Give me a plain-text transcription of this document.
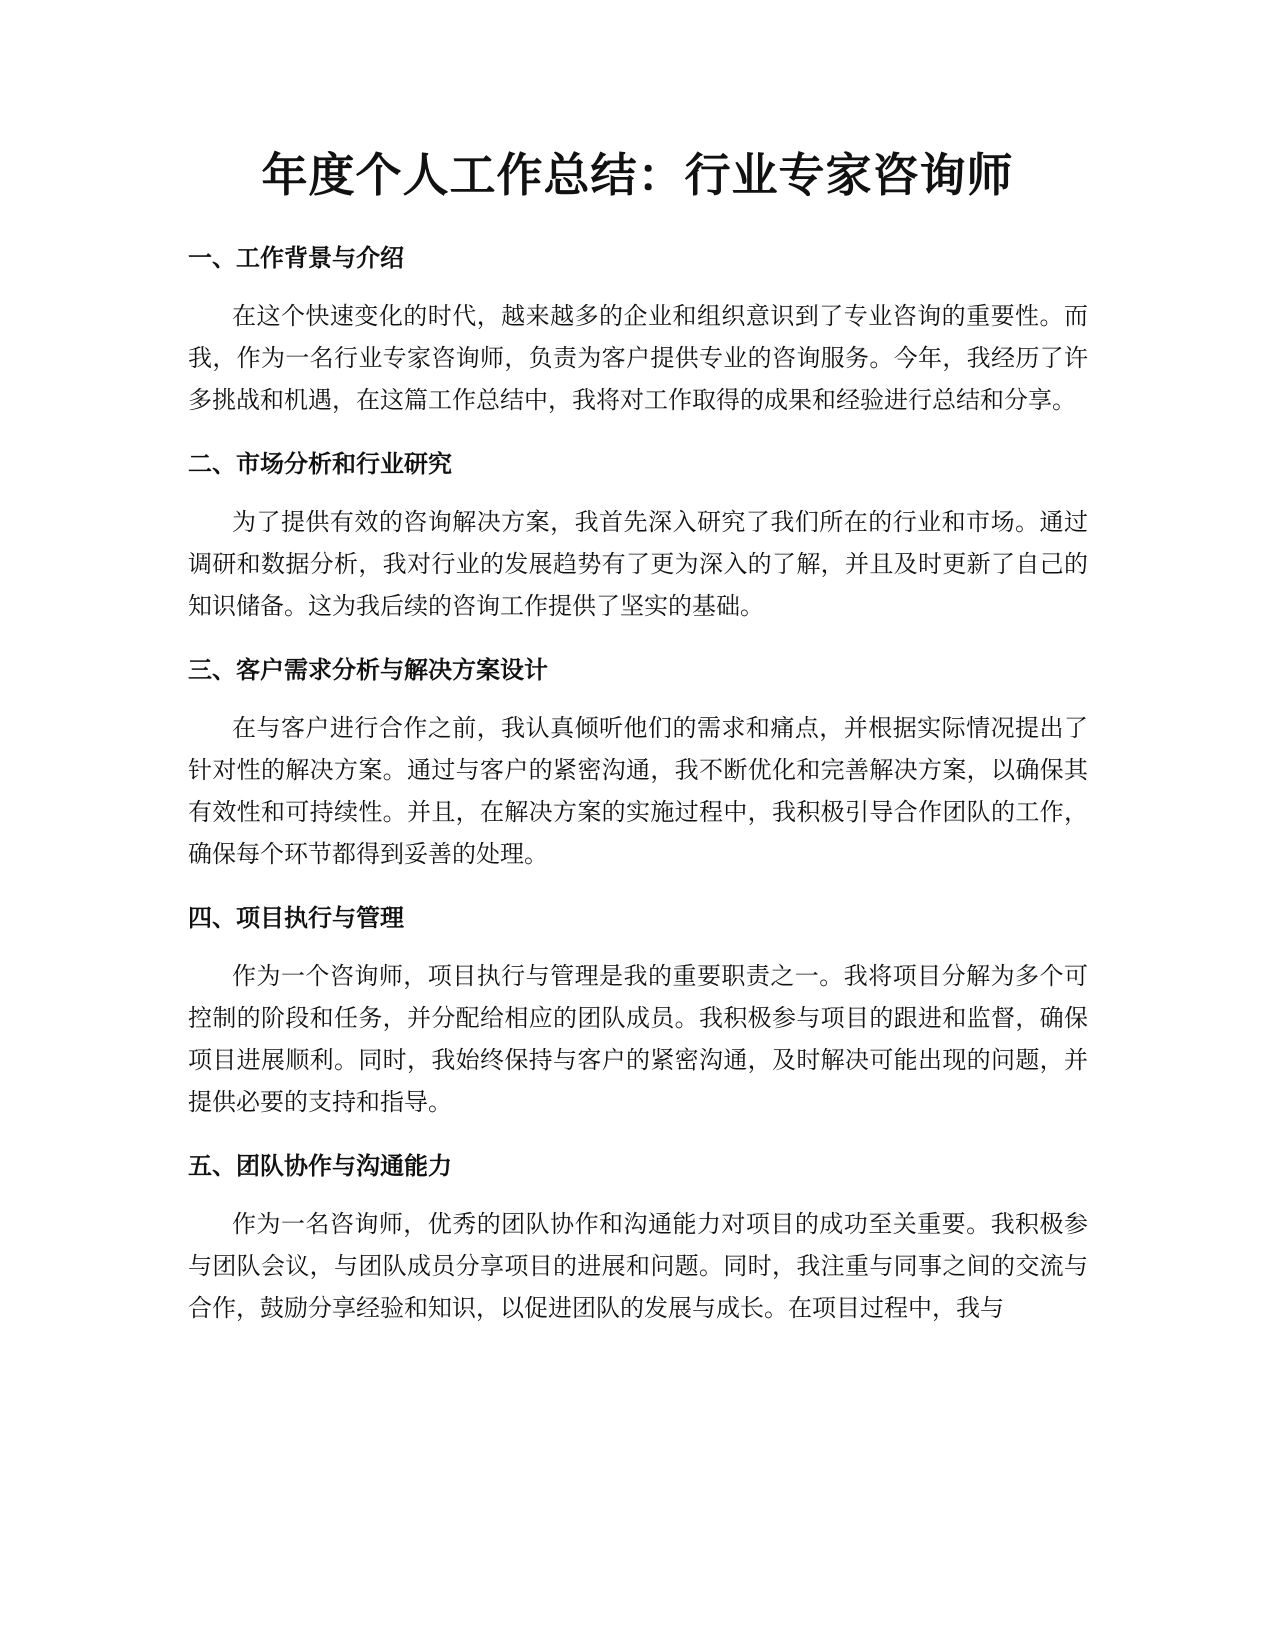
年度个人工作总结：行业专家咨询师
一、工作背景与介绍

在这个快速变化的时代，越来越多的企业和组织意识到了专业咨询的重要性。而我，作为一名行业专家咨询师，负责为客户提供专业的咨询服务。今年，我经历了许多挑战和机遇，在这篇工作总结中，我将对工作取得的成果和经验进行总结和分享。

二、市场分析和行业研究

为了提供有效的咨询解决方案，我首先深入研究了我们所在的行业和市场。通过调研和数据分析，我对行业的发展趋势有了更为深入的了解，并且及时更新了自己的知识储备。这为我后续的咨询工作提供了坚实的基础。

三、客户需求分析与解决方案设计

在与客户进行合作之前，我认真倾听他们的需求和痛点，并根据实际情况提出了针对性的解决方案。通过与客户的紧密沟通，我不断优化和完善解决方案，以确保其有效性和可持续性。并且，在解决方案的实施过程中，我积极引导合作团队的工作，确保每个环节都得到妥善的处理。

四、项目执行与管理

作为一个咨询师，项目执行与管理是我的重要职责之一。我将项目分解为多个可控制的阶段和任务，并分配给相应的团队成员。我积极参与项目的跟进和监督，确保项目进展顺利。同时，我始终保持与客户的紧密沟通，及时解决可能出现的问题，并提供必要的支持和指导。

五、团队协作与沟通能力

作为一名咨询师，优秀的团队协作和沟通能力对项目的成功至关重要。我积极参与团队会议，与团队成员分享项目的进展和问题。同时，我注重与同事之间的交流与合作，鼓励分享经验和知识，以促进团队的发展与成长。在项目过程中，我与
